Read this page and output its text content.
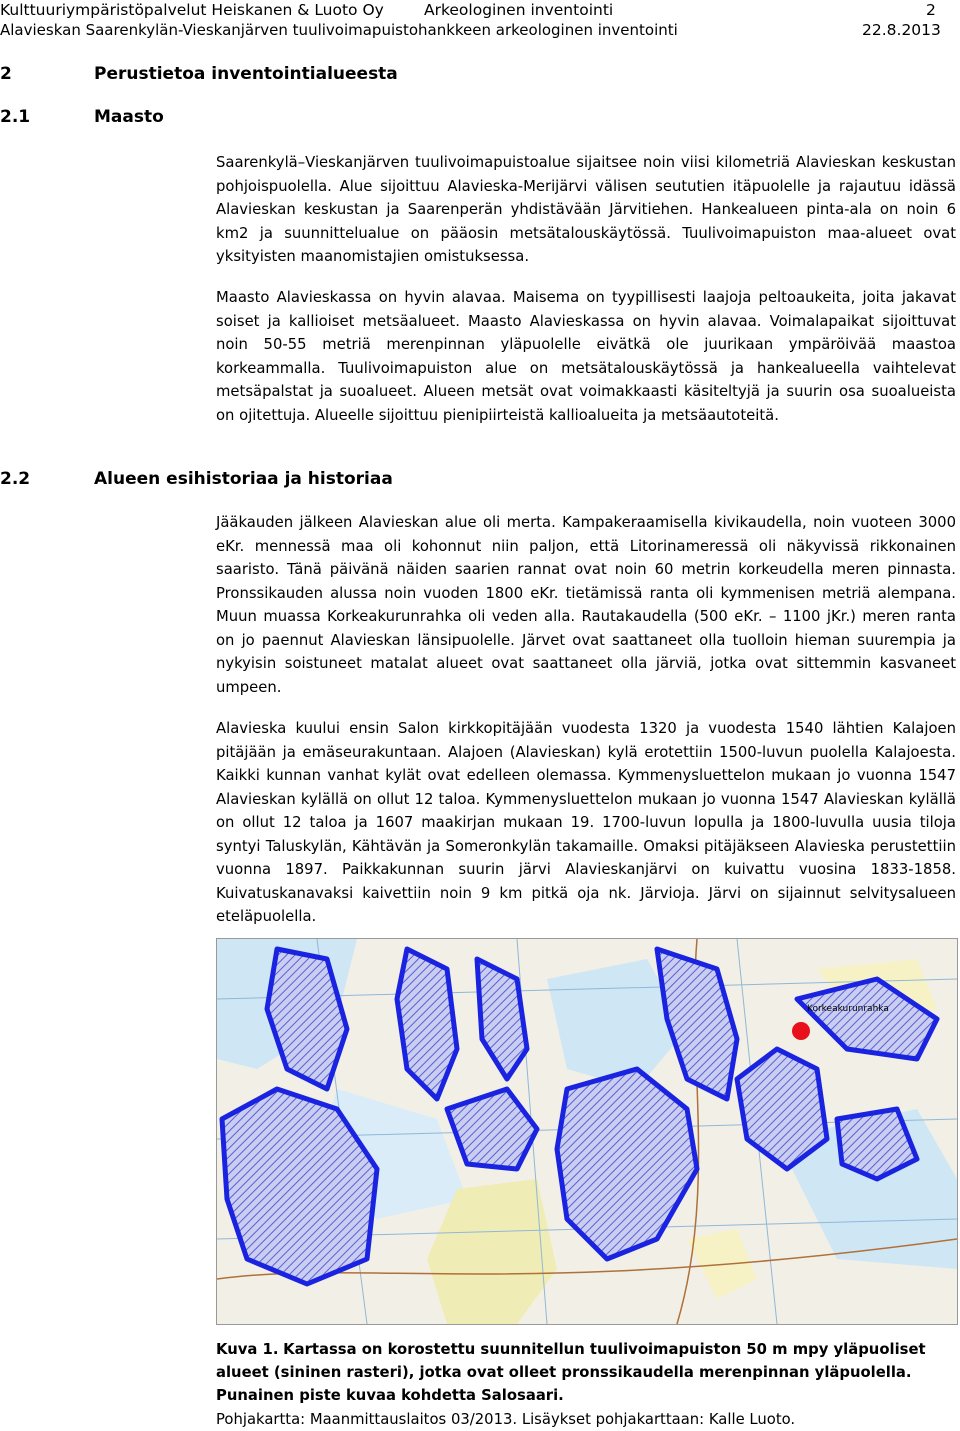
Kulttuuriympäristöpalvelut Heiskanen & Luoto Oy	Arkeologinen inventointi	2
Alavieskan Saarenkylän-Vieskanjärven tuulivoimapuistohankkeen arkeologinen inventointi	22.8.2013
2	Perustietoa inventointialueesta
2.1	Maasto
2.2	Alueen esihistoriaa ja historiaa

Saarenkylä–Vieskanjärven tuulivoimapuistoalue sijaitsee noin viisi kilometriä Alavieskan keskustan pohjoispuolella. Alue sijoittuu Alavieska-Merijärvi välisen seututien itäpuolelle ja rajautuu idässä Alavieskan keskustan ja Saarenperän yhdistävään Järvitiehen. Hankealueen pinta-ala on noin 6 km2 ja suunnittelualue on pääosin metsätalouskäytössä. Tuulivoimapuiston maa-alueet ovat yksityisten maanomistajien omistuksessa.

Maasto Alavieskassa on hyvin alavaa. Maisema on tyypillisesti laajoja peltoaukeita, joita jakavat soiset ja kallioiset metsäalueet. Maasto Alavieskassa on hyvin alavaa. Voimalapaikat sijoittuvat noin 50-55 metriä merenpinnan yläpuolelle eivätkä ole juurikaan ympäröivää maastoa korkeammalla. Tuulivoimapuiston alue on metsätalouskäytössä ja hankealueella vaihtelevat metsäpalstat ja suoalueet. Alueen metsät ovat voimakkaasti käsiteltyjä ja suurin osa suoalueista on ojitettuja. Alueelle sijoittuu pienipiirteistä kallioalueita ja metsäautoteitä.

Jääkauden jälkeen Alavieskan alue oli merta. Kampakeraamisella kivikaudella, noin vuoteen 3000 eKr. mennessä maa oli kohonnut niin paljon, että Litorinameressä oli näkyvissä rikkonainen saaristo. Tänä päivänä näiden saarien rannat ovat noin 60 metrin korkeudella meren pinnasta. Pronssikauden alussa noin vuoden 1800 eKr. tietämissä ranta oli kymmenisen metriä alempana. Muun muassa Korkeakurunrahka oli veden alla. Rautakaudella (500 eKr. – 1100 jKr.) meren ranta on jo paennut Alavieskan länsipuolelle. Järvet ovat saattaneet olla tuolloin hieman suurempia ja nykyisin soistuneet matalat alueet ovat saattaneet olla järviä, jotka ovat sittemmin kasvaneet umpeen.

Alavieska kuului ensin Salon kirkkopitäjään vuodesta 1320 ja vuodesta 1540 lähtien Kalajoen pitäjään ja emäseurakuntaan. Alajoen (Alavieskan) kylä erotettiin 1500-luvun puolella Kalajoesta. Kaikki kunnan vanhat kylät ovat edelleen olemassa. Kymmenysluettelon mukaan jo vuonna 1547 Alavieskan kylällä on ollut 12 taloa. Kymmenysluettelon mukaan jo vuonna 1547 Alavieskan kylällä on ollut 12 taloa ja 1607 maakirjan mukaan 19. 1700-luvun lopulla ja 1800-luvulla uusia tiloja syntyi Taluskylän, Kähtävän ja Someronkylän takamaille. Omaksi pitäjäkseen Alavieska perustettiin vuonna 1897. Paikkakunnan suurin järvi Alavieskanjärvi on kuivattu vuosina 1833-1858. Kuivatuskanavaksi kaivettiin noin 9 km pitkä oja nk. Järvioja. Järvi on sijainnut selvitysalueen eteläpuolella.

Korkeakurunrahka
Kuva 1. Kartassa on korostettu suunnitellun tuulivoimapuiston 50 m mpy yläpuoliset alueet (sininen rasteri), jotka ovat olleet pronssikaudella merenpinnan yläpuolella. Punainen piste kuvaa kohdetta Salosaari.
Pohjakartta: Maanmittauslaitos 03/2013. Lisäykset pohjakarttaan: Kalle Luoto.
